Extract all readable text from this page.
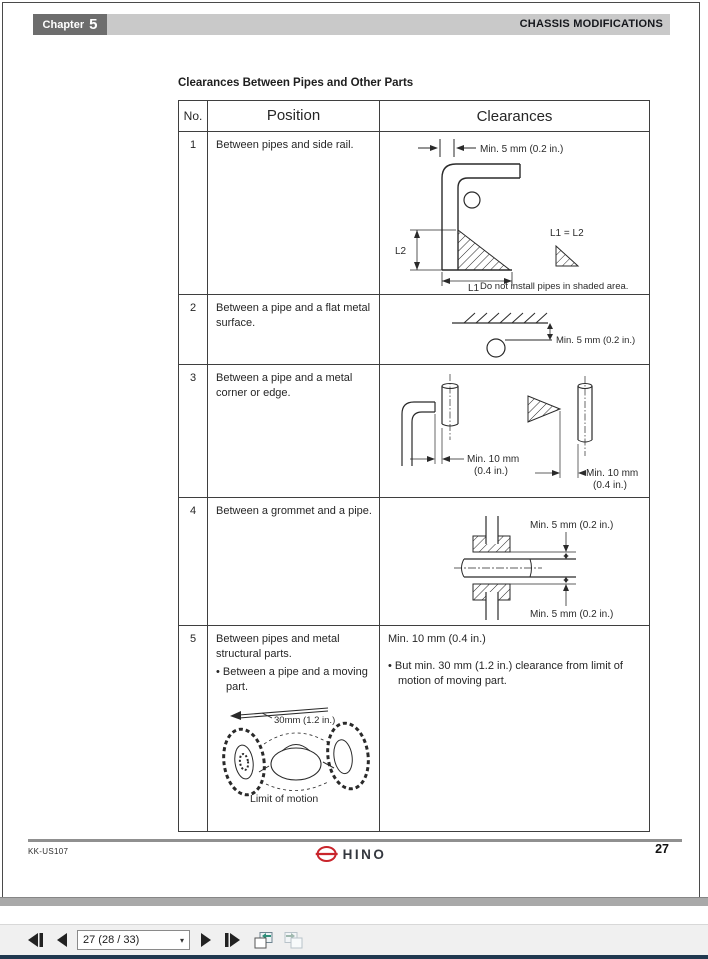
Chapter 5	CHASSIS MODIFICATIONS
Clearances Between Pipes and Other Parts
No.	Position	Clearances
1	Between pipes and side rail.	Min. 5 mm (0.2 in.)
L2
L1
L1 = L2
Do not install pipes in shaded area.
2	Between a pipe and a flat metal surface.
Min. 5 mm (0.2 in.)
3	Between a pipe and a metal corner or edge.
Min. 10 mm
(0.4 in.)	Min. 10 mm
(0.4 in.)
4	Between a grommet and a pipe.
Min. 5 mm (0.2 in.)
Min. 5 mm (0.2 in.)
5	Between pipes and metal structural parts.
• Between a pipe and a moving part.
30mm (1.2 in.)
Limit of motion
Min. 10 mm (0.4 in.)
• But min. 30 mm (1.2 in.) clearance from limit of motion of moving part.
KK-US107	HINO	27
27 (28 / 33)	▾
